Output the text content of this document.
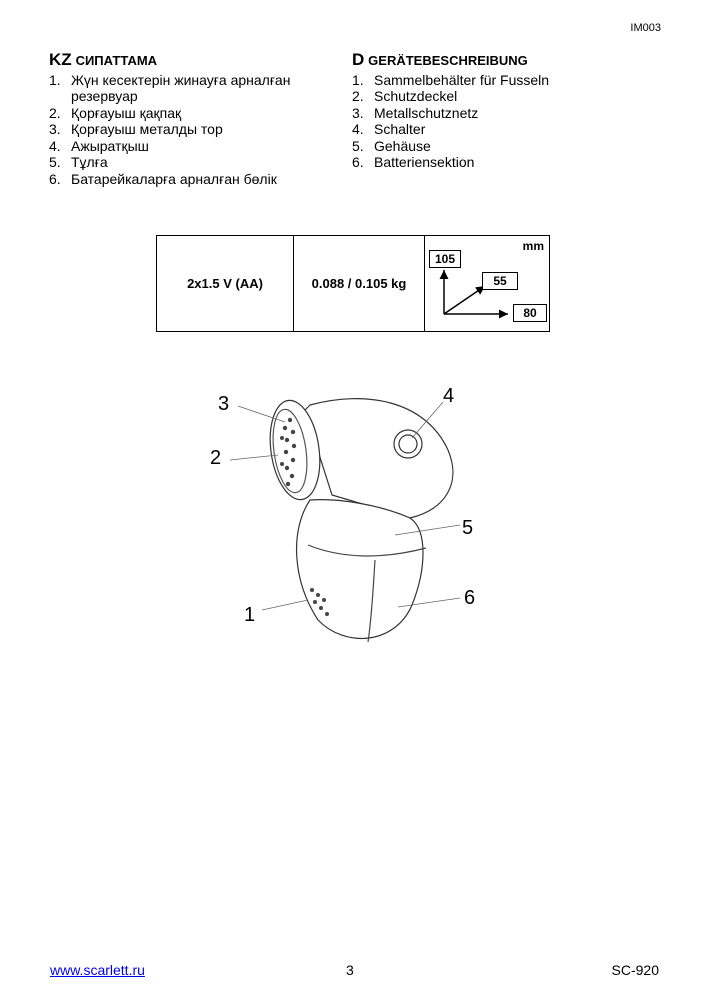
IM003
KZ СИПАТТАМА
1. Жүн кесектерін жинауға арналған резервуар
2. Қорғауыш қақпақ
3. Қорғауыш металды тор
4. Ажыратқыш
5. Тұлға
6. Батарейкаларға арналған бөлік
D GERÄTEBESCHREIBUNG
1. Sammelbehälter für Fusseln
2. Schutzdeckel
3. Metallschutznetz
4. Schalter
5. Gehäuse
6. Batteriensektion
2x1.5 V (AA)	0.088 / 0.105 kg
mm
105
55
80
3
2
4
5
6
1
www.scarlett.ru	3	SC-920
